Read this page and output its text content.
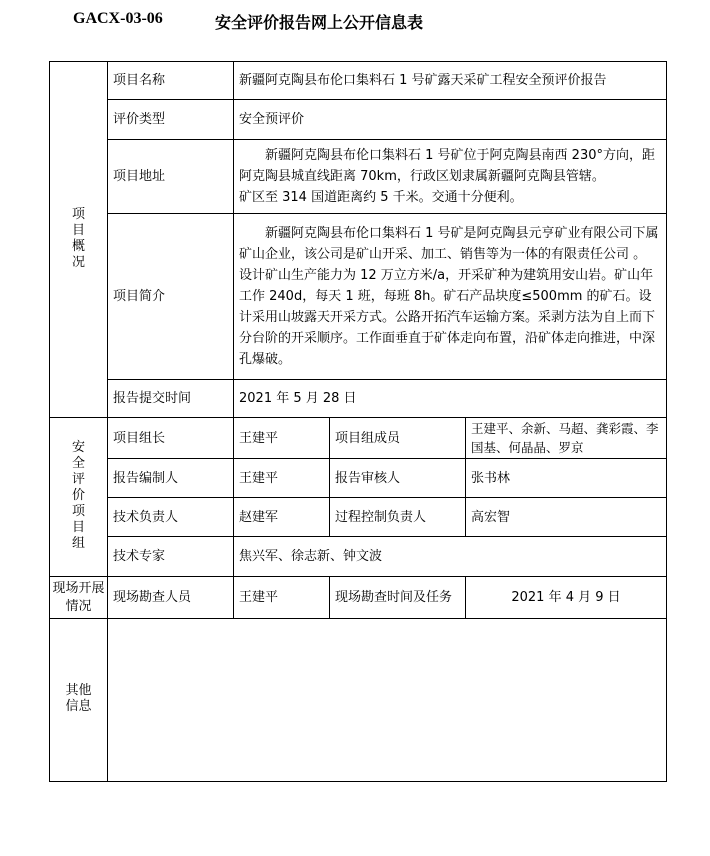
GACX-03-06	安全评价报告网上公开信息表
项目概况	项目名称	新疆阿克陶县布伦口集料石 1 号矿露天采矿工程安全预评价报告		
	评价类型	安全预评价		
	项目地址	新疆阿克陶县布伦口集料石 1 号矿位于阿克陶县南西 230°方向，距阿克陶县城直线距离 70km，行政区划隶属新疆阿克陶县管辖。
矿区至 314 国道距离约 5 千米。交通十分便利。		

	项目简介	新疆阿克陶县布伦口集料石 1 号矿是阿克陶县元亨矿业有限公司下属矿山企业，该公司是矿山开采、加工、销售等为一体的有限责任公司 。
设计矿山生产能力为 12 万立方米/a，开采矿种为建筑用安山岩。矿山年工作 240d，每天 1 班，每班 8h。矿石产品块度≤500mm 的矿石。设计采用山坡露天开采方式。公路开拓汽车运输方案。采剥方法为自上而下分台阶的开采顺序。工作面垂直于矿体走向布置，沿矿体走向推进，中深孔爆破。		

	报告提交时间	2021 年 5 月 28 日		

安全评价项目组	项目组长	王建平	项目组成员	王建平、余新、马超、龚彩霞、李国基、何晶晶、罗京
	报告编制人	王建平	报告审核人	张书林
	技术负责人	赵建军	过程控制负责人	高宏智
	技术专家	焦兴军、徐志新、钟文波		

现场开展情况	现场勘查人员	王建平	现场勘查时间及任务	2021 年 4 月 9 日
其他信息				
